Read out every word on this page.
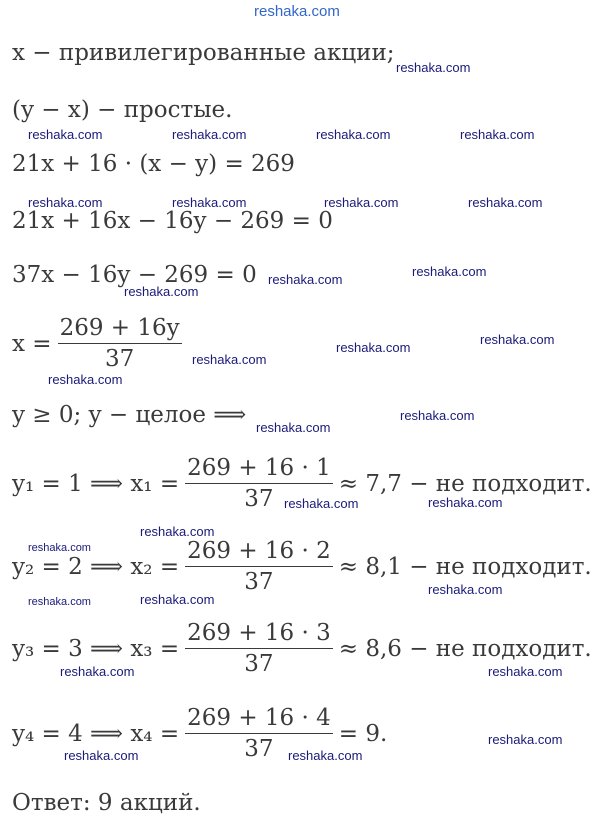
reshaka.com
x − привилегированные акции;
(y − x) − простые.
21x + 16 · (x − y) = 269
21x + 16x − 16y − 269 = 0
37x − 16y − 269 = 0
$x = \frac{269 + 16y}{37}$
y ≥ 0; y − целое ⟹
y₁ = 1 ⟹ $x_1 = \frac{269 + 16 \cdot 1}{37} \approx 7,7$ − не подходит.
y₂ = 2 ⟹ $x_2 = \frac{269 + 16 \cdot 2}{37} \approx 8,1$ − не подходит.
y₃ = 3 ⟹ $x_3 = \frac{269 + 16 \cdot 3}{37} \approx 8,6$ − не подходит.
y₄ = 4 ⟹ $x_4 = \frac{269 + 16 \cdot 4}{37} = 9$.
Ответ: 9 акций.
reshaka.com
reshaka.com	reshaka.com	reshaka.com	reshaka.com
reshaka.com	reshaka.com	reshaka.com	reshaka.com
reshaka.com
reshaka.com
reshaka.com
reshaka.com
reshaka.com
reshaka.com
reshaka.com
reshaka.com
reshaka.com
reshaka.com
reshaka.com
reshaka.com
reshaka.com
reshaka.com
reshaka.com
reshaka.com
reshaka.com	reshaka.com
reshaka.com
reshaka.com	reshaka.com
